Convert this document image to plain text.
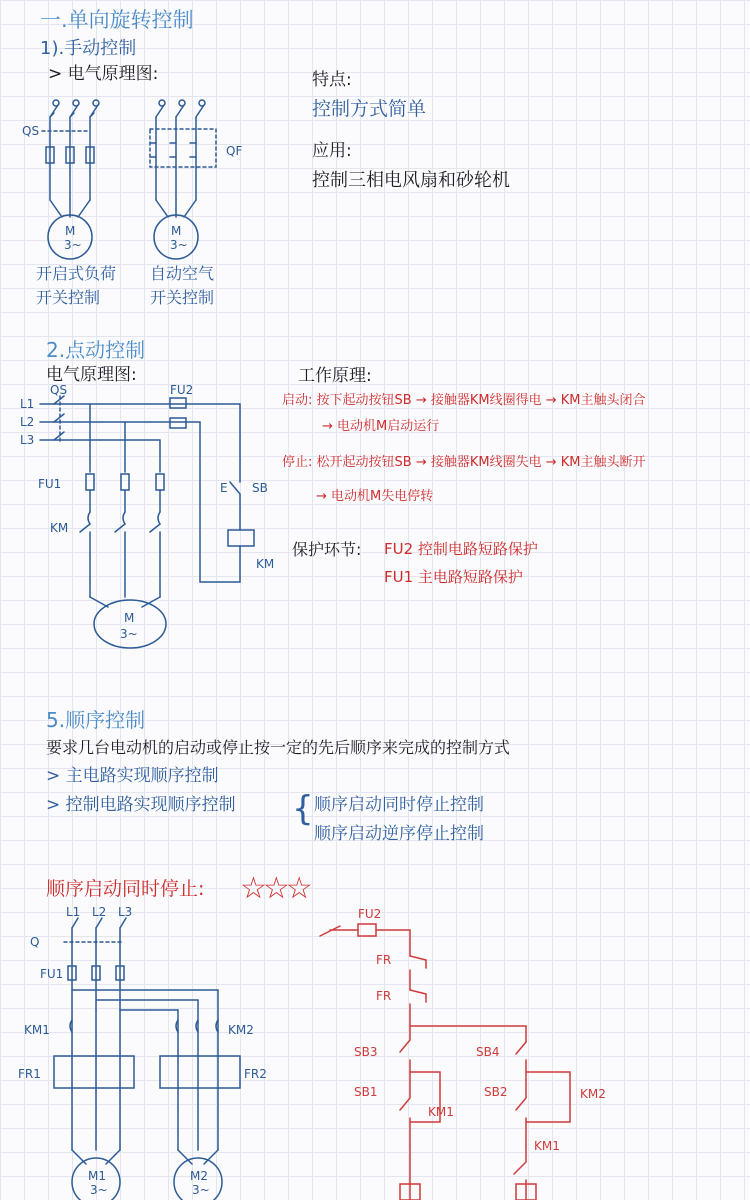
一.单向旋转控制
1).手动控制
> 电气原理图:	特点:
控制方式简单
应用:
控制三相电风扇和砂轮机
QS
QF
M
3~
M
3~
开启式负荷
开关控制
自动空气
开关控制
2.点动控制
电气原理图:
L1
L2
L3
QS	FU2
FU1
KM
E SB
KM
M
3~
工作原理:
启动: 按下起动按钮SB → 接触器KM线圈得电 → KM主触头闭合
→ 电动机M启动运行
停止: 松开起动按钮SB → 接触器KM线圈失电 → KM主触头断开
→ 电动机M失电停转
保护环节: FU2 控制电路短路保护
FU1 主电路短路保护
5.顺序控制
要求几台电动机的启动或停止按一定的先后顺序来完成的控制方式
> 主电路实现顺序控制
> 控制电路实现顺序控制 { 顺序启动同时停止控制
顺序启动逆序停止控制
顺序启动同时停止: ☆☆☆
L1 L2 L3
Q
FU1
KM1	KM2
FR1	FR2
M1
3~
M2
3~
FU2
FR
FR
SB3	SB4
SB1	SB2
KM1
KM2
KM1
